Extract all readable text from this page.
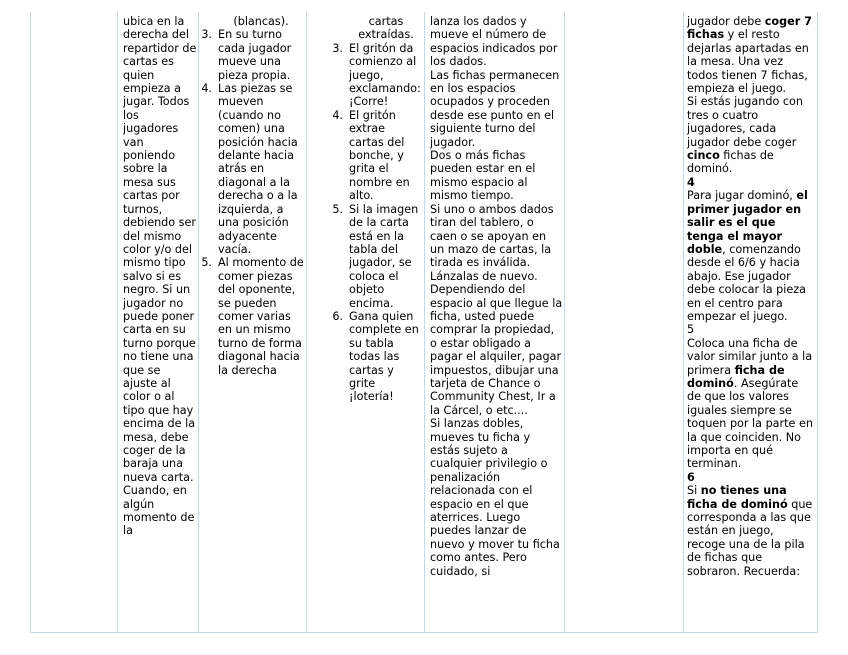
ubica en la derecha del repartidor de cartas es quien empieza a jugar. Todos los jugadores van poniendo sobre la mesa sus cartas por turnos, debiendo ser del mismo color y/o del mismo tipo salvo si es negro. Si un jugador no puede poner carta en su turno porque no tiene una que se ajuste al color o al tipo que hay encima de la mesa, debe coger de la baraja una nueva carta. Cuando, en algún momento de la

(blancas).

3. En su turno cada jugador mueve una pieza propia.
4. Las piezas se mueven (cuando no comen) una posición hacia delante hacia atrás en diagonal a la derecha o a la izquierda, a una posición adyacente vacía.
5. Al momento de comer piezas del oponente, se pueden comer varias en un mismo turno de forma diagonal hacia la derecha

cartas extraídas.

3. El gritón da comienzo al juego, exclamando: ¡Corre!
4. El gritón extrae cartas del bonche, y grita el nombre en alto.
5. Si la imagen de la carta está en la tabla del jugador, se coloca el objeto encima.
6. Gana quien complete en su tabla todas las cartas y grite ¡lotería!

lanza los dados y mueve el número de espacios indicados por los dados.

Las fichas permanecen en los espacios ocupados y proceden desde ese punto en el siguiente turno del jugador.

Dos o más fichas pueden estar en el mismo espacio al mismo tiempo.

Si uno o ambos dados tiran del tablero, o caen o se apoyan en un mazo de cartas, la tirada es inválida. Lánzalas de nuevo.

Dependiendo del espacio al que llegue la ficha, usted puede comprar la propiedad, o estar obligado a pagar el alquiler, pagar impuestos, dibujar una tarjeta de Chance o Community Chest, Ir a la Cárcel, o etc....

Si lanzas dobles, mueves tu ficha y estás sujeto a cualquier privilegio o penalización relacionada con el espacio en el que aterrices. Luego puedes lanzar de nuevo y mover tu ficha como antes. Pero cuidado, si

jugador debe coger 7 fichas y el resto dejarlas apartadas en la mesa. Una vez todos tienen 7 fichas, empieza el juego.

Si estás jugando con tres o cuatro jugadores, cada jugador debe coger cinco fichas de dominó.

4

Para jugar dominó, el primer jugador en salir es el que tenga el mayor doble, comenzando desde el 6/6 y hacia abajo. Ese jugador debe colocar la pieza en el centro para empezar el juego.

5

Coloca una ficha de valor similar junto a la primera ficha de dominó. Asegúrate de que los valores iguales siempre se toquen por la parte en la que coinciden. No importa en qué terminan.

6

Si no tienes una ficha de dominó que corresponda a las que están en juego, recoge una de la pila de fichas que sobraron. Recuerda:
